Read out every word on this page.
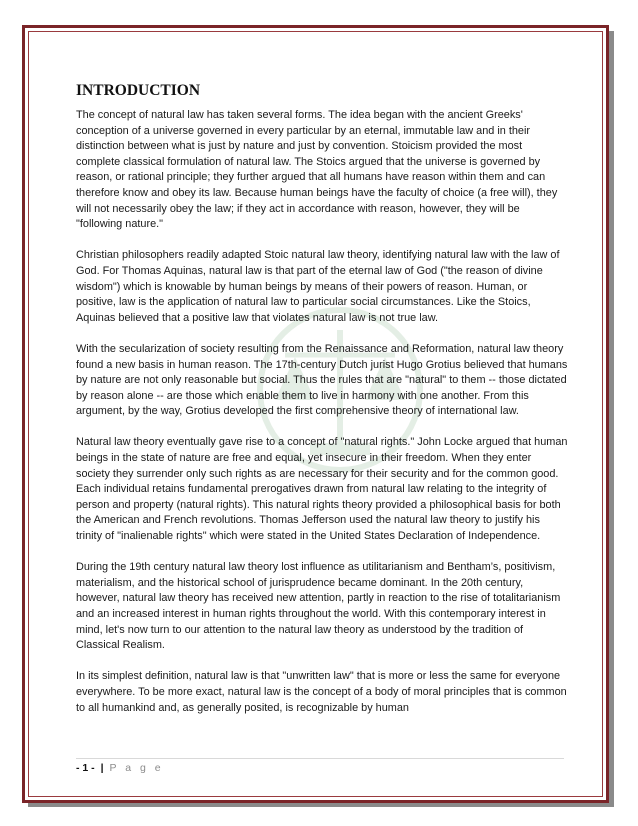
INTRODUCTION

The concept of natural law has taken several forms. The idea began with the ancient Greeks' conception of a universe governed in every particular by an eternal, immutable law and in their distinction between what is just by nature and just by convention. Stoicism provided the most complete classical formulation of natural law. The Stoics argued that the universe is governed by reason, or rational principle; they further argued that all humans have reason within them and can therefore know and obey its law. Because human beings have the faculty of choice (a free will), they will not necessarily obey the law; if they act in accordance with reason, however, they will be "following nature."

Christian philosophers readily adapted Stoic natural law theory, identifying natural law with the law of God. For Thomas Aquinas, natural law is that part of the eternal law of God ("the reason of divine wisdom") which is knowable by human beings by means of their powers of reason. Human, or positive, law is the application of natural law to particular social circumstances. Like the Stoics, Aquinas believed that a positive law that violates natural law is not true law.

With the secularization of society resulting from the Renaissance and Reformation, natural law theory found a new basis in human reason. The 17th-century Dutch jurist Hugo Grotius believed that humans by nature are not only reasonable but social. Thus the rules that are "natural" to them -- those dictated by reason alone -- are those which enable them to live in harmony with one another. From this argument, by the way, Grotius developed the first comprehensive theory of international law.

Natural law theory eventually gave rise to a concept of "natural rights." John Locke argued that human beings in the state of nature are free and equal, yet insecure in their freedom. When they enter society they surrender only such rights as are necessary for their security and for the common good. Each individual retains fundamental prerogatives drawn from natural law relating to the integrity of person and property (natural rights). This natural rights theory provided a philosophical basis for both the American and French revolutions. Thomas Jefferson used the natural law theory to justify his trinity of "inalienable rights" which were stated in the United States Declaration of Independence.

During the 19th century natural law theory lost influence as utilitarianism and Bentham’s, positivism, materialism, and the historical school of jurisprudence became dominant. In the 20th century, however, natural law theory has received new attention, partly in reaction to the rise of totalitarianism and an increased interest in human rights throughout the world. With this contemporary interest in mind, let's now turn to our attention to the natural law theory as understood by the tradition of Classical Realism.

In its simplest definition, natural law is that "unwritten law" that is more or less the same for everyone everywhere. To be more exact, natural law is the concept of a body of moral principles that is common to all humankind and, as generally posited, is recognizable by human

- 1 - | P a g e
